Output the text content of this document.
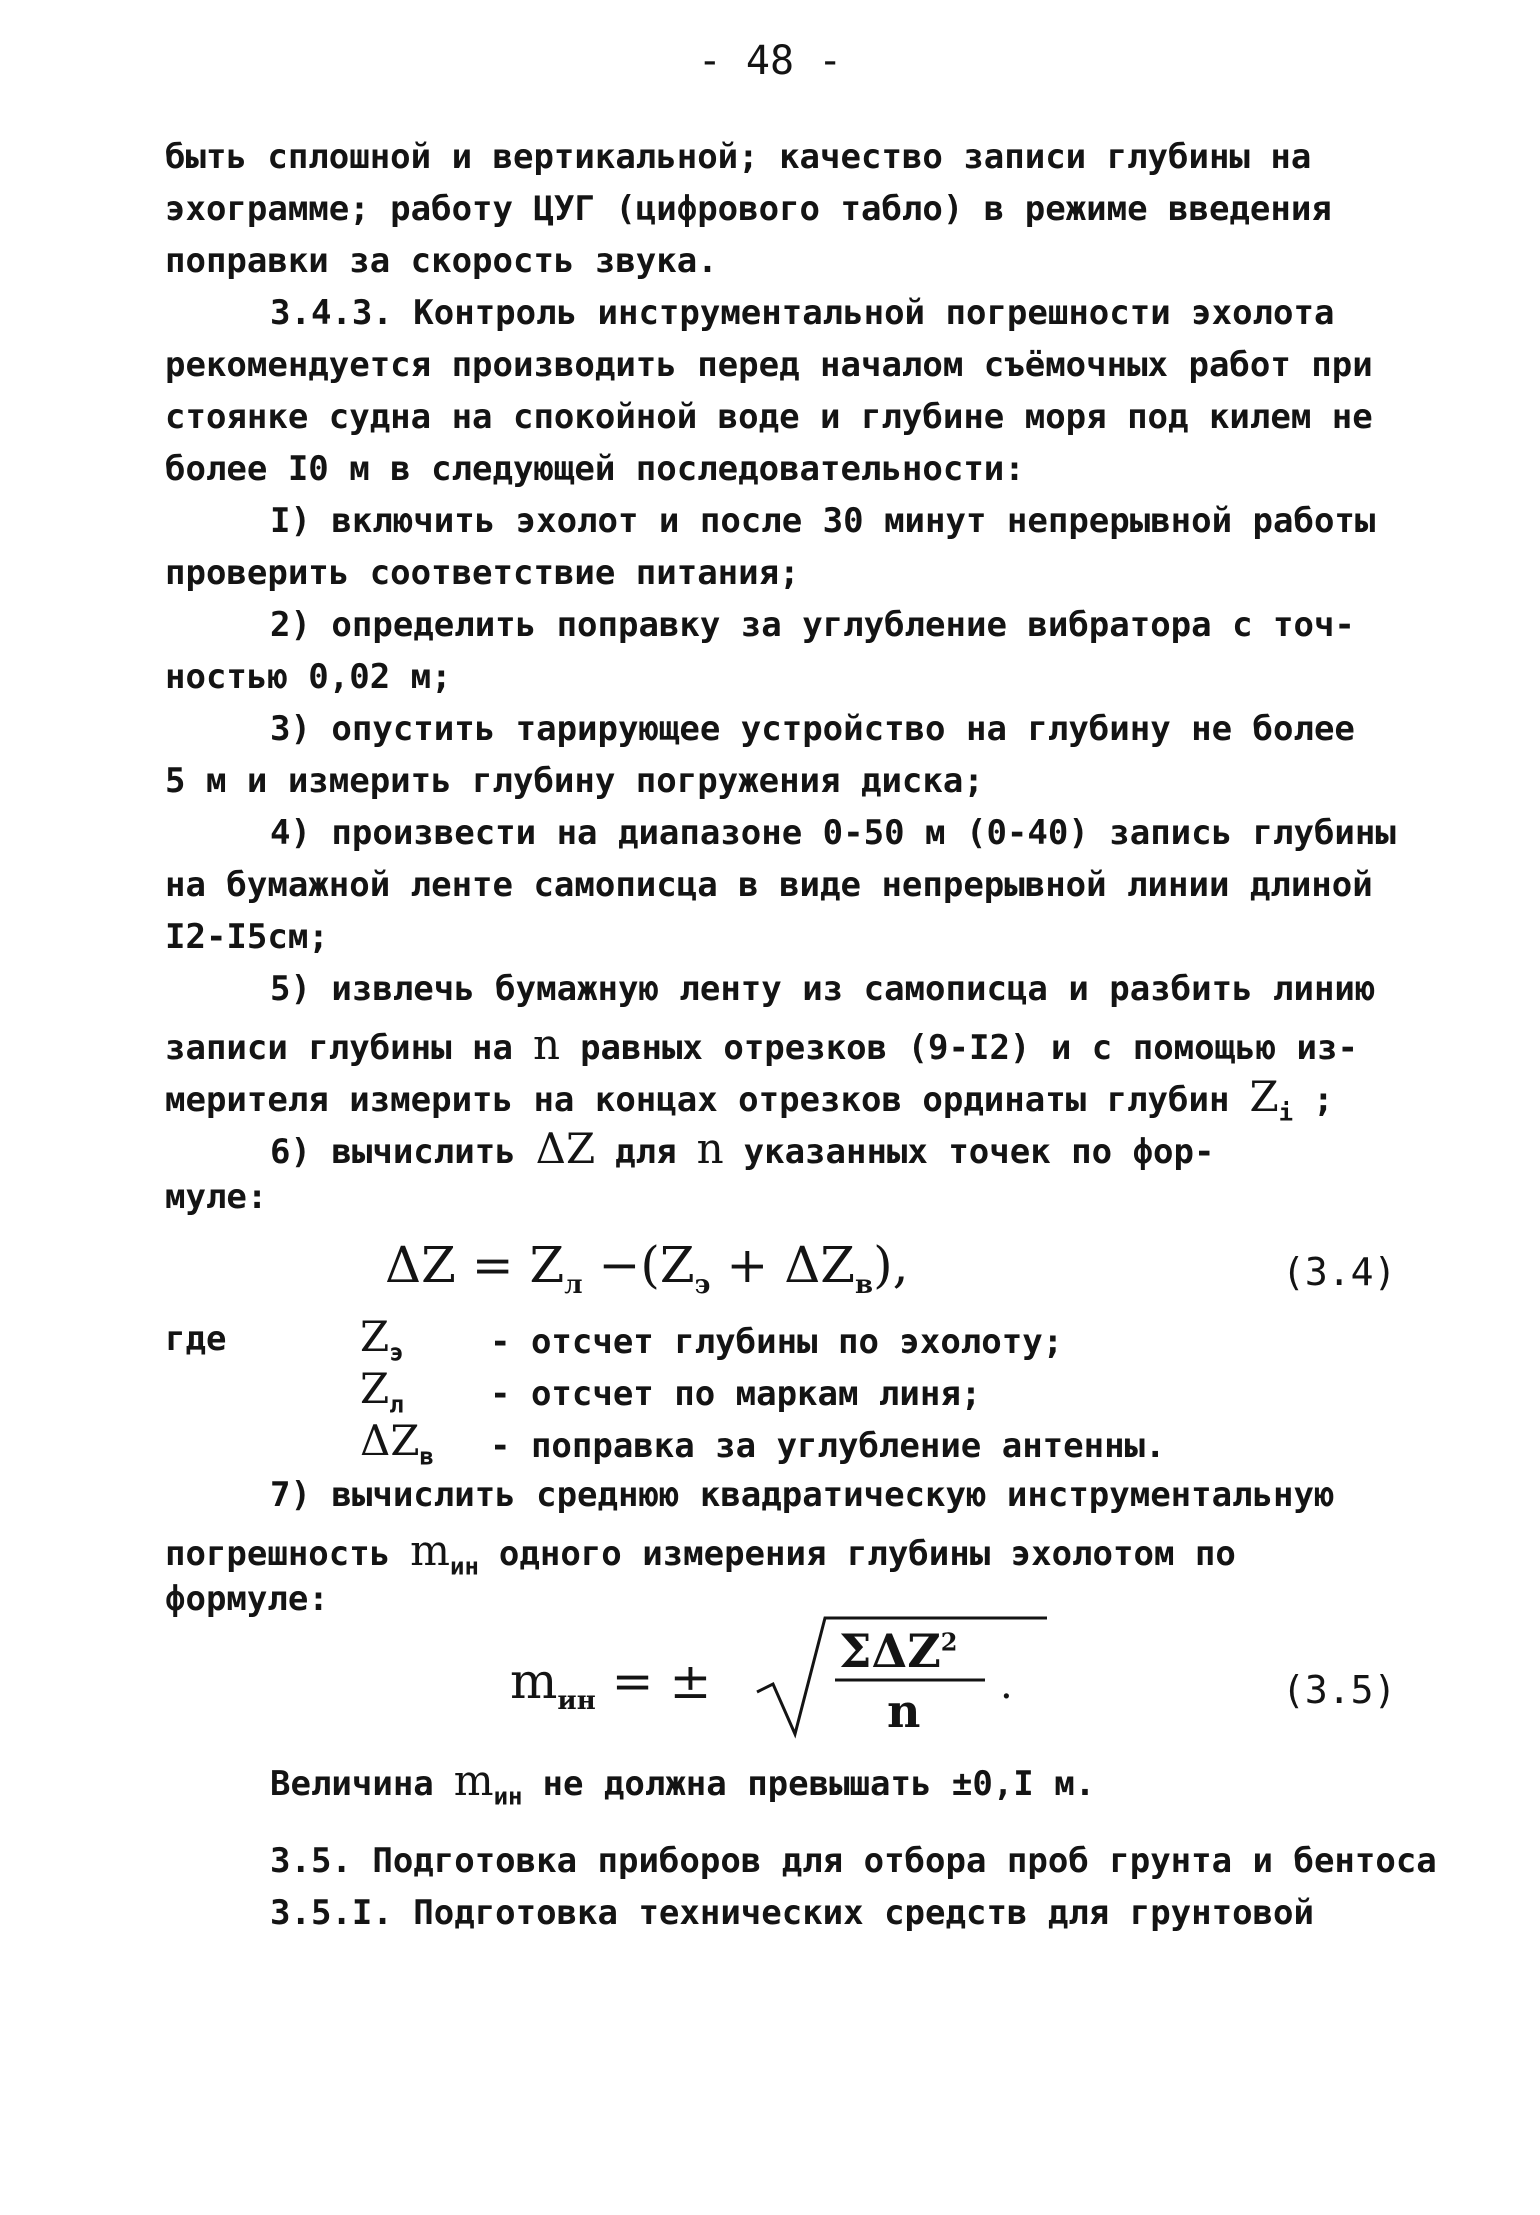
- 48 -
быть сплошной и вертикальной; качество записи глубины на
эхограмме; работу ЦУГ (цифрового табло) в режиме введения
поправки за скорость звука.
3.4.3. Контроль инструментальной погрешности эхолота
рекомендуется производить перед началом съёмочных работ при
стоянке судна на спокойной воде и глубине моря под килем не
более I0 м в следующей последовательности:
I) включить эхолот и после 30 минут непрерывной работы
проверить соответствие питания;
2) определить поправку за углубление вибратора с точ-
ностью 0,02 м;
3) опустить тарирующее устройство на глубину не более
5 м и измерить глубину погружения диска;
4) произвести на диапазоне 0-50 м (0-40) запись глубины
на бумажной ленте самописца в виде непрерывной линии длиной
I2-I5см;
5) извлечь бумажную ленту из самописца и разбить линию
записи глубины на n равных отрезков (9-I2) и с помощью из-
мерителя измерить на концах отрезков ординаты глубин $Z_i$ ;
6) вычислить ΔZ для n указанных точек по фор-
муле:
$\Delta Z = Z_л -(Z_э + \Delta Z_в)$,	(3.4)
где	$Z_э$	- отсчет глубины по эхолоту;
$Z_л$	- отсчет по маркам линя;
$\Delta Z_в$ - поправка за углубление антенны.
7) вычислить среднюю квадратическую инструментальную
погрешность $m_{ин}$ одного измерения глубины эхолотом по
формуле:
$m_{ин}$ = ±
$\Sigma\Delta Z^2$
n .	(3.5)
Величина $m_{ин}$ не должна превышать ±0,I м.
3.5. Подготовка приборов для отбора проб грунта и бентоса
3.5.I. Подготовка технических средств для грунтовой
